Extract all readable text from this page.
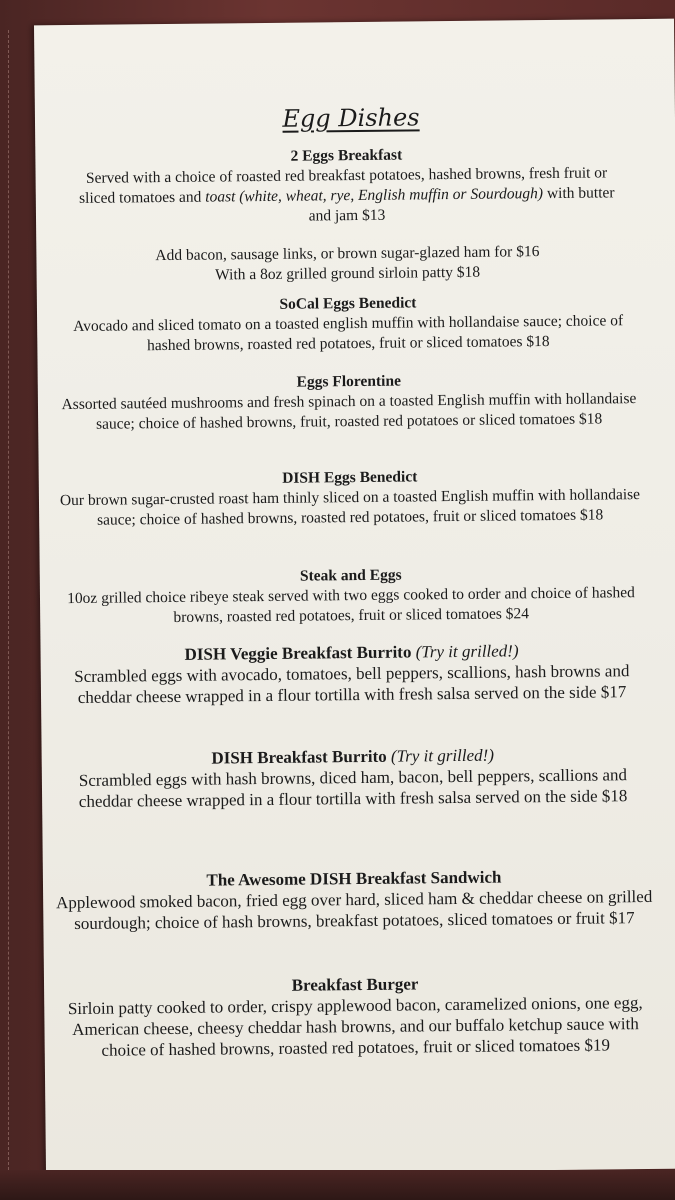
Egg Dishes
2 Eggs Breakfast
Served with a choice of roasted red breakfast potatoes, hashed browns, fresh fruit or sliced tomatoes and toast (white, wheat, rye, English muffin or Sourdough) with butter and jam $13
Add bacon, sausage links, or brown sugar-glazed ham for $16
With a 8oz grilled ground sirloin patty $18
SoCal Eggs Benedict
Avocado and sliced tomato on a toasted english muffin with hollandaise sauce; choice of hashed browns, roasted red potatoes, fruit or sliced tomatoes $18
Eggs Florentine
Assorted sautéed mushrooms and fresh spinach on a toasted English muffin with hollandaise sauce; choice of hashed browns, fruit, roasted red potatoes or sliced tomatoes $18
DISH Eggs Benedict
Our brown sugar-crusted roast ham thinly sliced on a toasted English muffin with hollandaise sauce; choice of hashed browns, roasted red potatoes, fruit or sliced tomatoes $18
Steak and Eggs
10oz grilled choice ribeye steak served with two eggs cooked to order and choice of hashed browns, roasted red potatoes, fruit or sliced tomatoes $24
DISH Veggie Breakfast Burrito (Try it grilled!)
Scrambled eggs with avocado, tomatoes, bell peppers, scallions, hash browns and cheddar cheese wrapped in a flour tortilla with fresh salsa served on the side $17
DISH Breakfast Burrito (Try it grilled!)
Scrambled eggs with hash browns, diced ham, bacon, bell peppers, scallions and cheddar cheese wrapped in a flour tortilla with fresh salsa served on the side $18
The Awesome DISH Breakfast Sandwich
Applewood smoked bacon, fried egg over hard, sliced ham & cheddar cheese on grilled sourdough; choice of hash browns, breakfast potatoes, sliced tomatoes or fruit $17
Breakfast Burger
Sirloin patty cooked to order, crispy applewood bacon, caramelized onions, one egg, American cheese, cheesy cheddar hash browns, and our buffalo ketchup sauce with choice of hashed browns, roasted red potatoes, fruit or sliced tomatoes $19
